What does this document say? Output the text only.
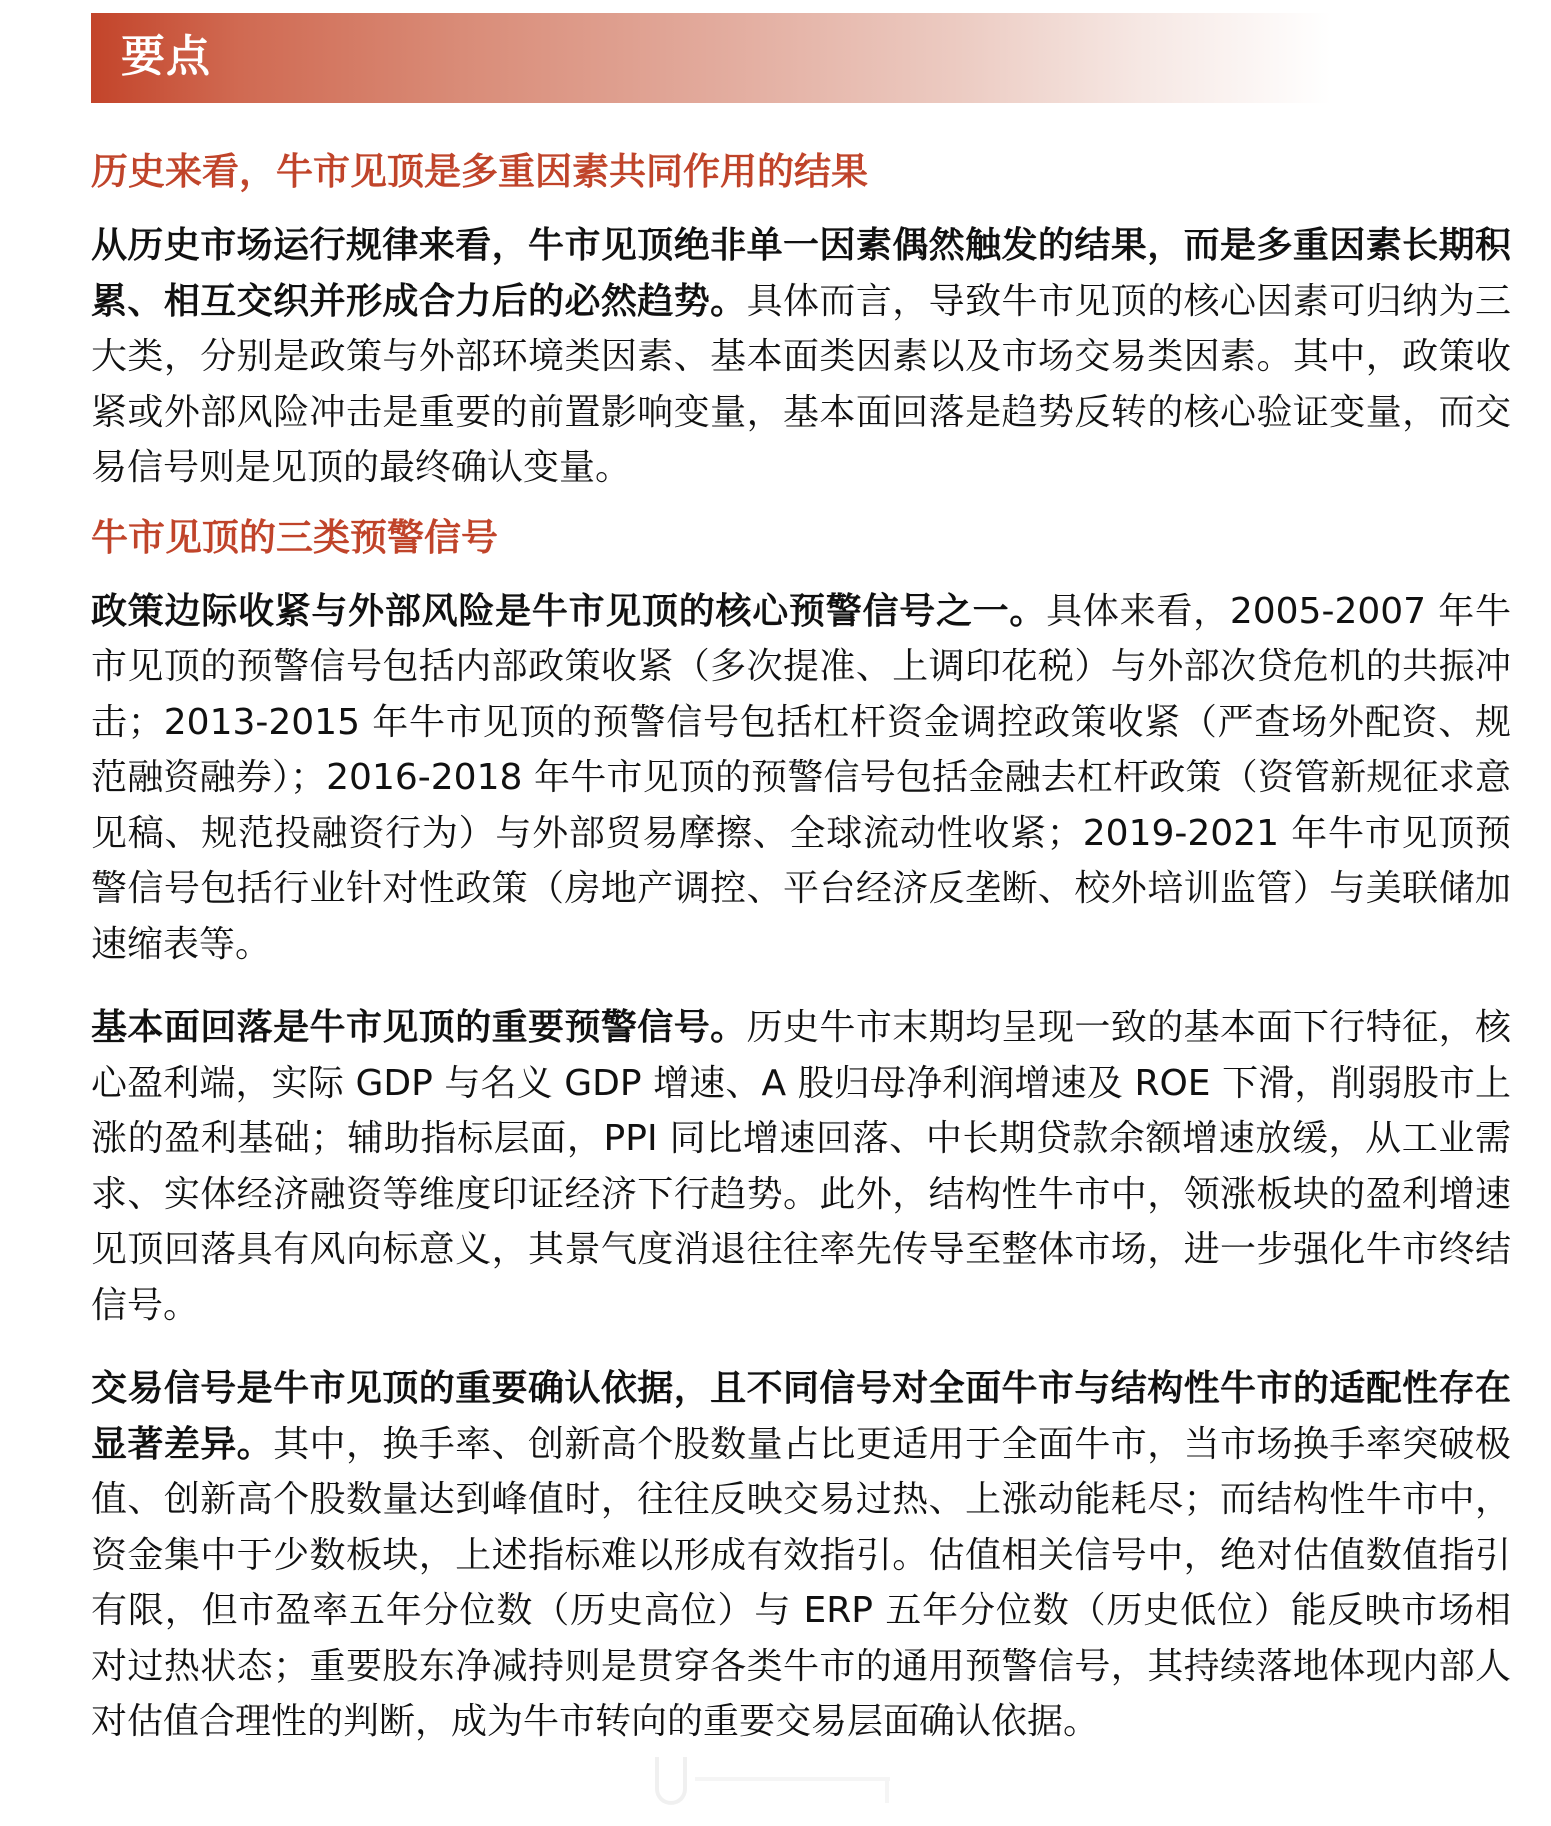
要点
历史来看，牛市见顶是多重因素共同作用的结果

从历史市场运行规律来看，牛市见顶绝非单一因素偶然触发的结果，而是多重因素长期积累、相互交织并形成合力后的必然趋势。具体而言，导致牛市见顶的核心因素可归纳为三大类，分别是政策与外部环境类因素、基本面类因素以及市场交易类因素。其中，政策收紧或外部风险冲击是重要的前置影响变量，基本面回落是趋势反转的核心验证变量，而交易信号则是见顶的最终确认变量。

牛市见顶的三类预警信号

政策边际收紧与外部风险是牛市见顶的核心预警信号之一。具体来看，2005-2007 年牛市见顶的预警信号包括内部政策收紧（多次提准、上调印花税）与外部次贷危机的共振冲击；2013-2015 年牛市见顶的预警信号包括杠杆资金调控政策收紧（严查场外配资、规范融资融券）；2016-2018 年牛市见顶的预警信号包括金融去杠杆政策（资管新规征求意见稿、规范投融资行为）与外部贸易摩擦、全球流动性收紧；2019-2021 年牛市见顶预警信号包括行业针对性政策（房地产调控、平台经济反垄断、校外培训监管）与美联储加速缩表等。

基本面回落是牛市见顶的重要预警信号。历史牛市末期均呈现一致的基本面下行特征，核心盈利端，实际 GDP 与名义 GDP 增速、A 股归母净利润增速及 ROE 下滑，削弱股市上涨的盈利基础；辅助指标层面，PPI 同比增速回落、中长期贷款余额增速放缓，从工业需求、实体经济融资等维度印证经济下行趋势。此外，结构性牛市中，领涨板块的盈利增速见顶回落具有风向标意义，其景气度消退往往率先传导至整体市场，进一步强化牛市终结信号。

交易信号是牛市见顶的重要确认依据，且不同信号对全面牛市与结构性牛市的适配性存在显著差异。其中，换手率、创新高个股数量占比更适用于全面牛市，当市场换手率突破极值、创新高个股数量达到峰值时，往往反映交易过热、上涨动能耗尽；而结构性牛市中，资金集中于少数板块，上述指标难以形成有效指引。估值相关信号中，绝对估值数值指引有限，但市盈率五年分位数（历史高位）与 ERP 五年分位数（历史低位）能反映市场相对过热状态；重要股东净减持则是贯穿各类牛市的通用预警信号，其持续落地体现内部人对估值合理性的判断，成为牛市转向的重要交易层面确认依据。
